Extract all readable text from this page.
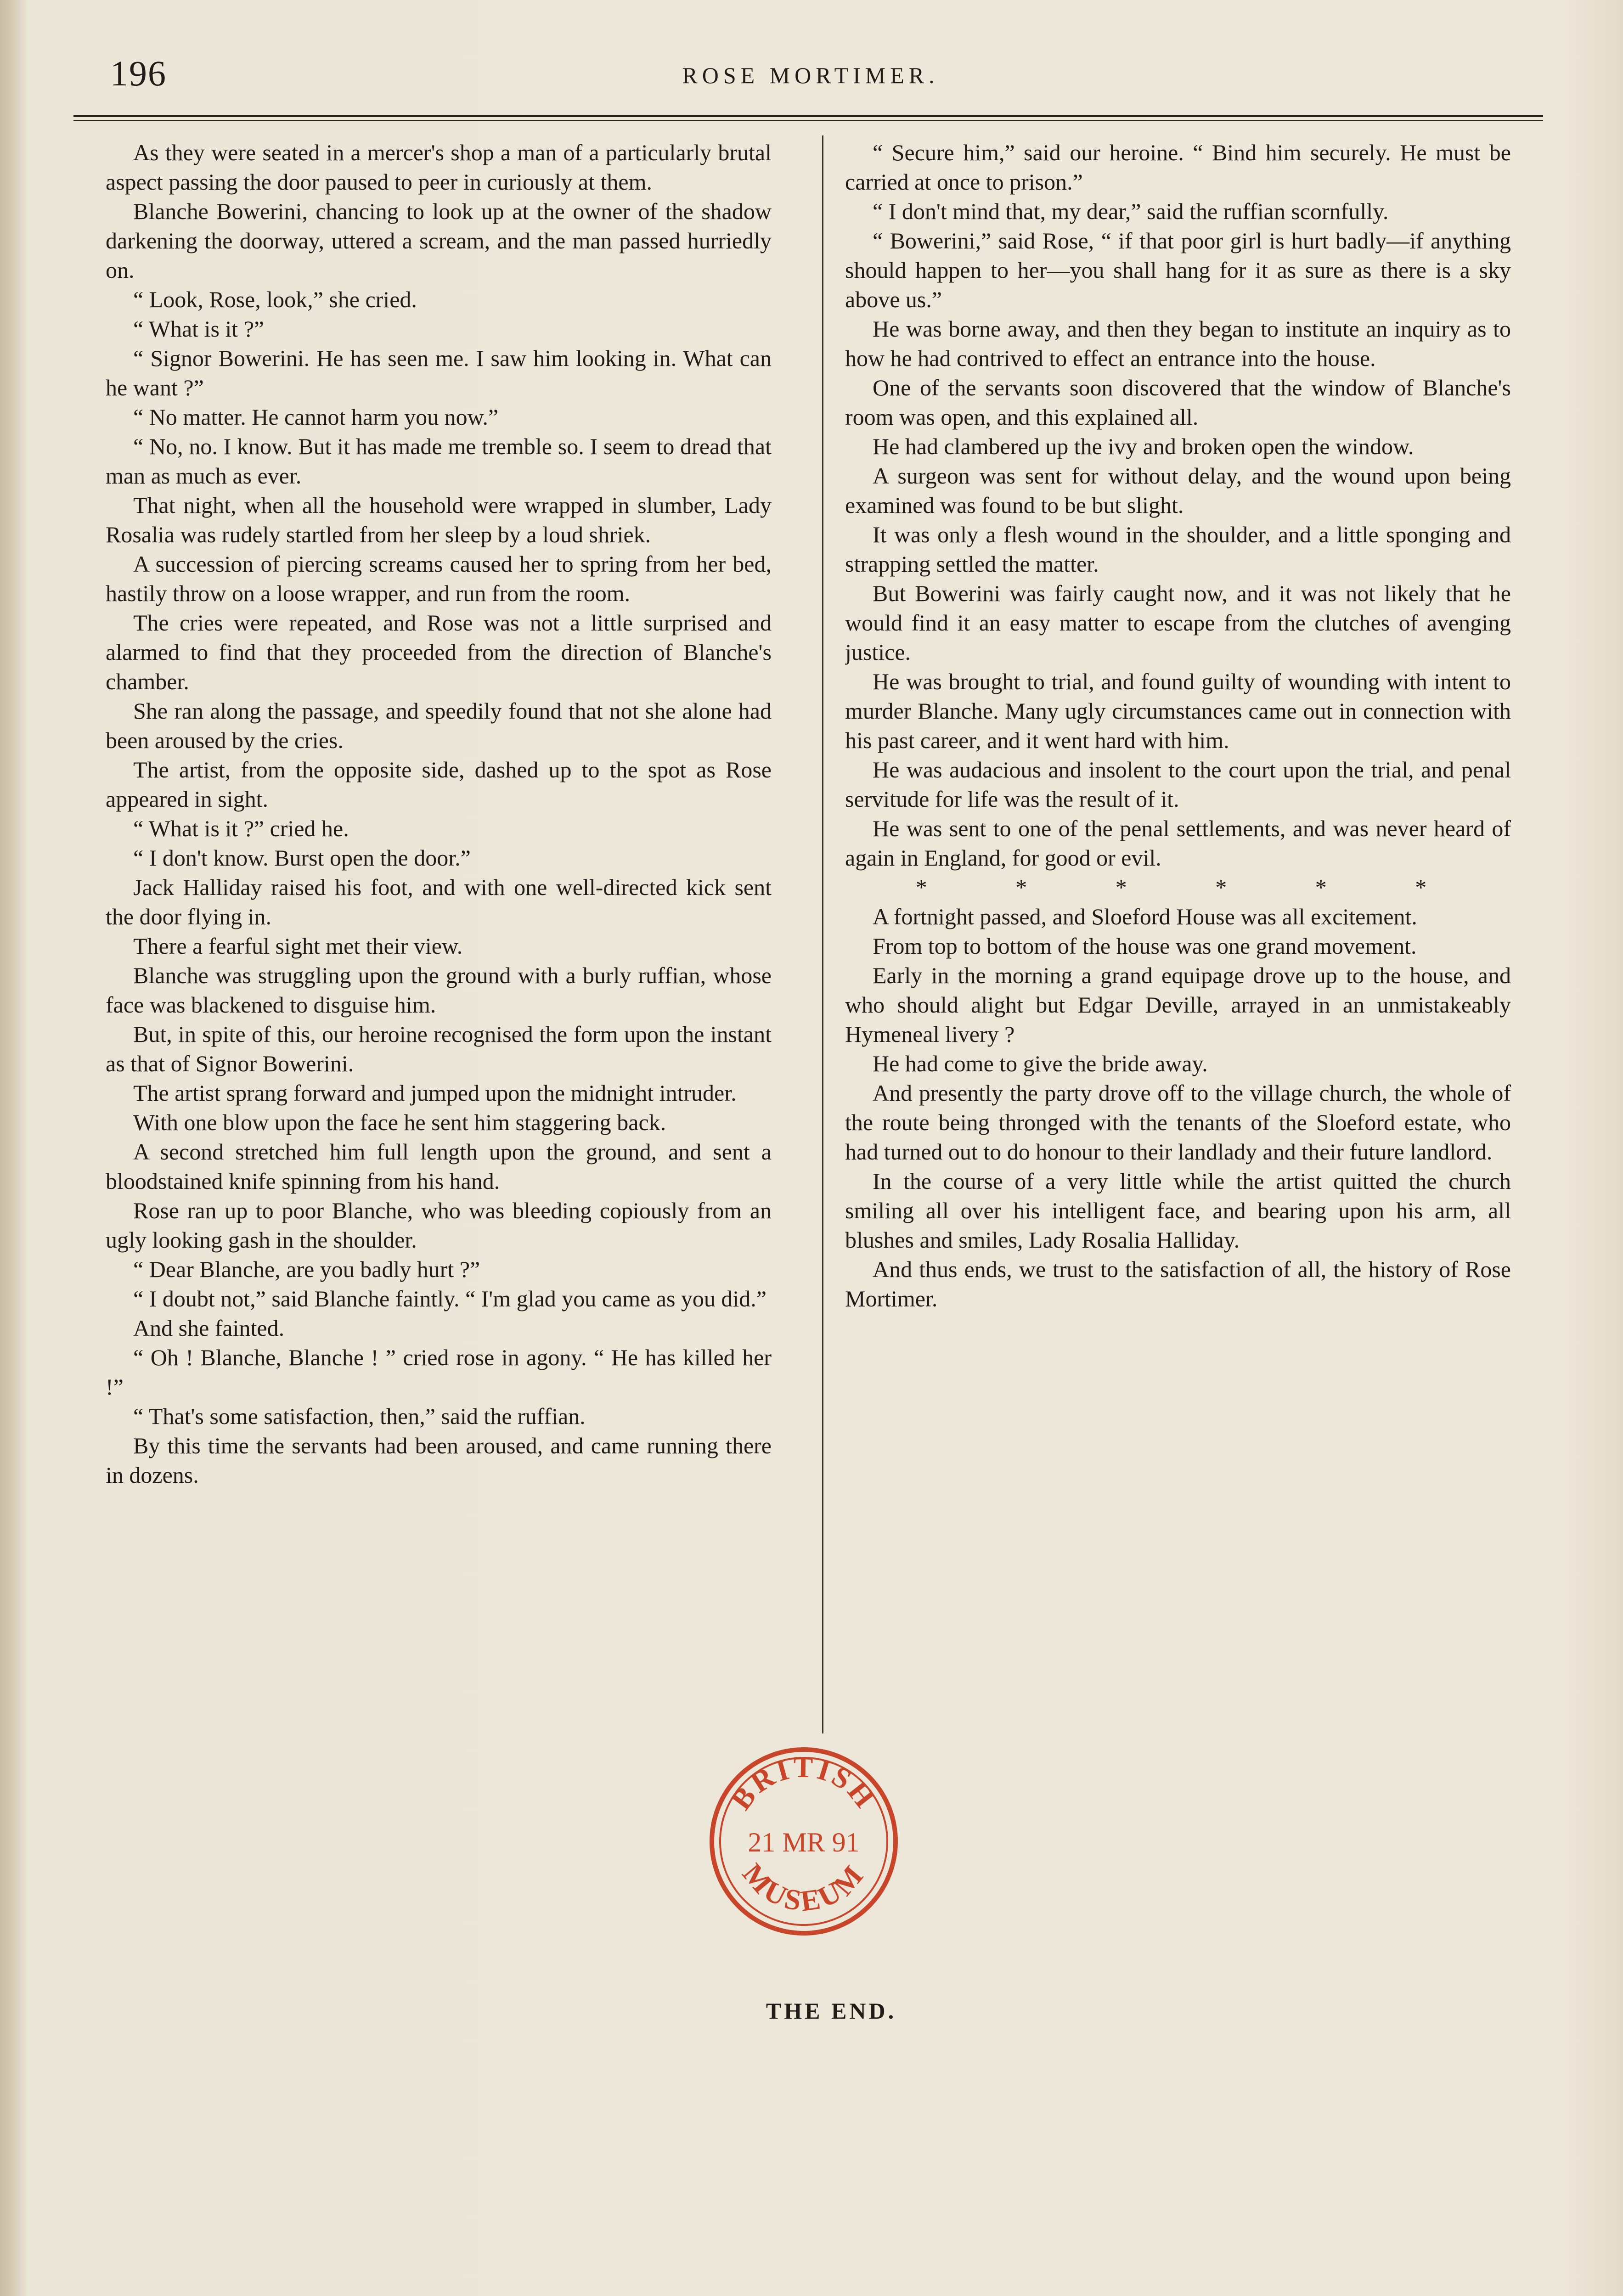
196	ROSE MORTIMER.

As they were seated in a mercer's shop a man of a particularly brutal aspect passing the door paused to peer in curiously at them.

Blanche Bowerini, chancing to look up at the owner of the shadow darkening the doorway, uttered a scream, and the man passed hurriedly on.

“ Look, Rose, look,” she cried.

“ What is it ?”

“ Signor Bowerini. He has seen me. I saw him looking in. What can he want ?”

“ No matter. He cannot harm you now.”

“ No, no. I know. But it has made me tremble so. I seem to dread that man as much as ever.

That night, when all the household were wrapped in slumber, Lady Rosalia was rudely startled from her sleep by a loud shriek.

A succession of piercing screams caused her to spring from her bed, hastily throw on a loose wrapper, and run from the room.

The cries were repeated, and Rose was not a little surprised and alarmed to find that they proceeded from the direction of Blanche's chamber.

She ran along the passage, and speedily found that not she alone had been aroused by the cries.

The artist, from the opposite side, dashed up to the spot as Rose appeared in sight.

“ What is it ?” cried he.

“ I don't know. Burst open the door.”

Jack Halliday raised his foot, and with one well-directed kick sent the door flying in.

There a fearful sight met their view.

Blanche was struggling upon the ground with a burly ruffian, whose face was blackened to disguise him.

But, in spite of this, our heroine recognised the form upon the instant as that of Signor Bowerini.

The artist sprang forward and jumped upon the midnight intruder.

With one blow upon the face he sent him staggering back.

A second stretched him full length upon the ground, and sent a bloodstained knife spinning from his hand.

Rose ran up to poor Blanche, who was bleeding copiously from an ugly looking gash in the shoulder.

“ Dear Blanche, are you badly hurt ?”

“ I doubt not,” said Blanche faintly. “ I'm glad you came as you did.”

And she fainted.

“ Oh ! Blanche, Blanche ! ” cried rose in agony. “ He has killed her !”

“ That's some satisfaction, then,” said the ruffian.

By this time the servants had been aroused, and came running there in dozens.

“ Secure him,” said our heroine. “ Bind him securely. He must be carried at once to prison.”

“ I don't mind that, my dear,” said the ruffian scornfully.

“ Bowerini,” said Rose, “ if that poor girl is hurt badly—if anything should happen to her—you shall hang for it as sure as there is a sky above us.”

He was borne away, and then they began to institute an inquiry as to how he had contrived to effect an entrance into the house.

One of the servants soon discovered that the window of Blanche's room was open, and this explained all.

He had clambered up the ivy and broken open the window.

A surgeon was sent for without delay, and the wound upon being examined was found to be but slight.

It was only a flesh wound in the shoulder, and a little sponging and strapping settled the matter.

But Bowerini was fairly caught now, and it was not likely that he would find it an easy matter to escape from the clutches of avenging justice.

He was brought to trial, and found guilty of wounding with intent to murder Blanche. Many ugly circumstances came out in connection with his past career, and it went hard with him.

He was audacious and insolent to the court upon the trial, and penal servitude for life was the result of it.

He was sent to one of the penal settlements, and was never heard of again in England, for good or evil.

* * * * * *

A fortnight passed, and Sloeford House was all excitement.

From top to bottom of the house was one grand movement.

Early in the morning a grand equipage drove up to the house, and who should alight but Edgar Deville, arrayed in an unmistakeably Hymeneal livery ?

He had come to give the bride away.

And presently the party drove off to the village church, the whole of the route being thronged with the tenants of the Sloeford estate, who had turned out to do honour to their landlady and their future landlord.

In the course of a very little while the artist quitted the church smiling all over his intelligent face, and bearing upon his arm, all blushes and smiles, Lady Rosalia Halliday.

And thus ends, we trust to the satisfaction of all, the history of Rose Mortimer.

BRITISH
21 MR 91
MUSEUM
THE END.
